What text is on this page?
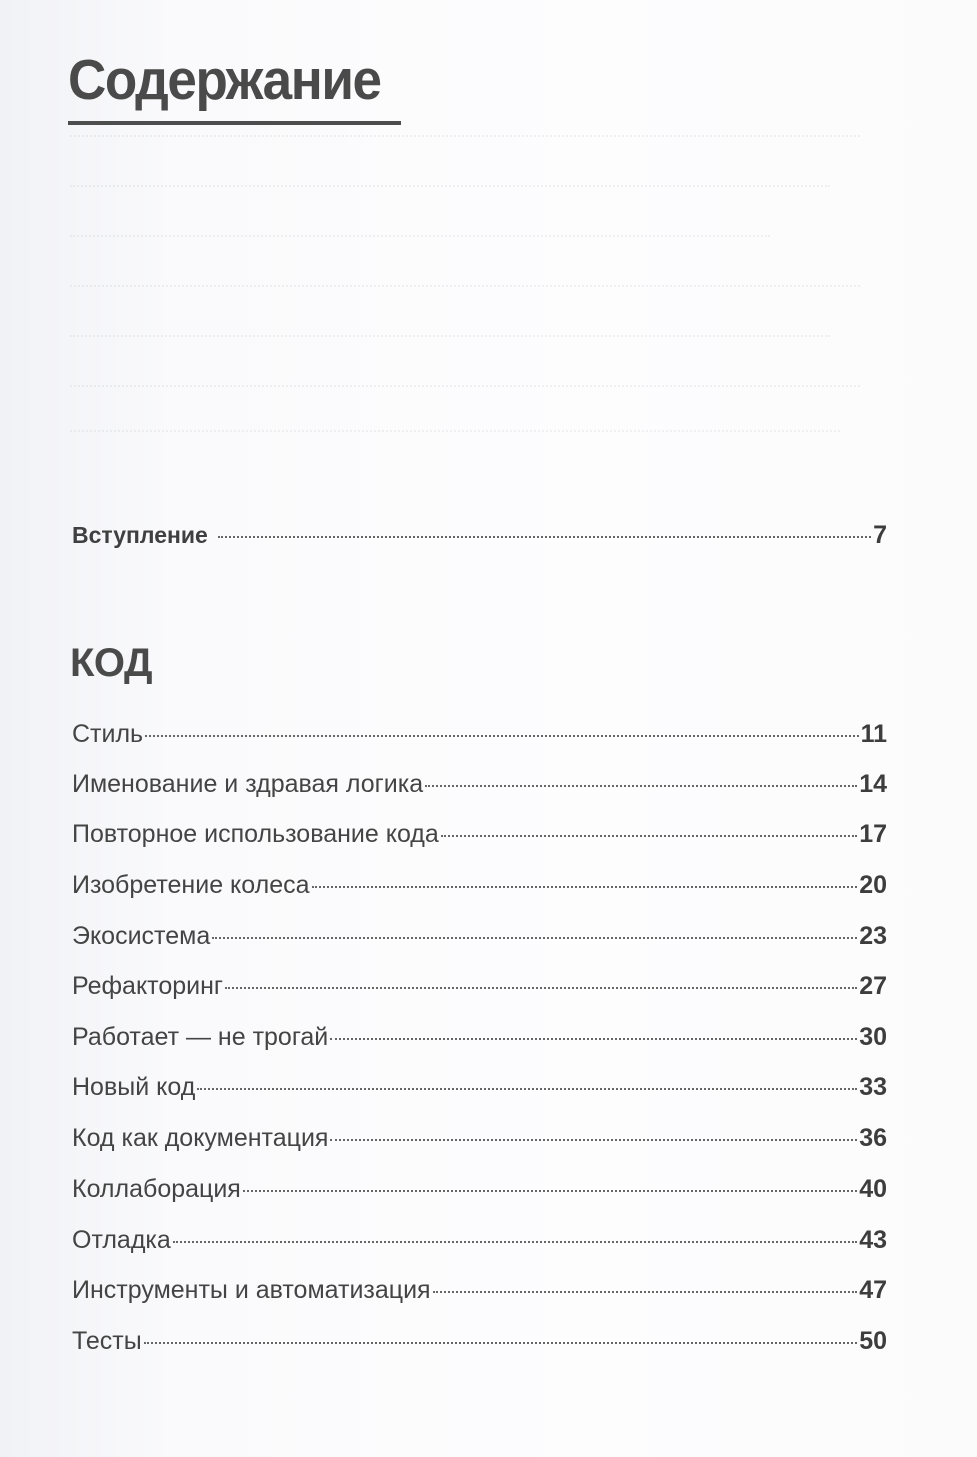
Содержание
Вступление	7
КОД
Стиль	11
Именование и здравая логика	14
Повторное использование кода	17
Изобретение колеса	20
Экосистема	23
Рефакторинг	27
Работает — не трогай	30
Новый код	33
Код как документация	36
Коллаборация	40
Отладка	43
Инструменты и автоматизация	47
Тесты	50
